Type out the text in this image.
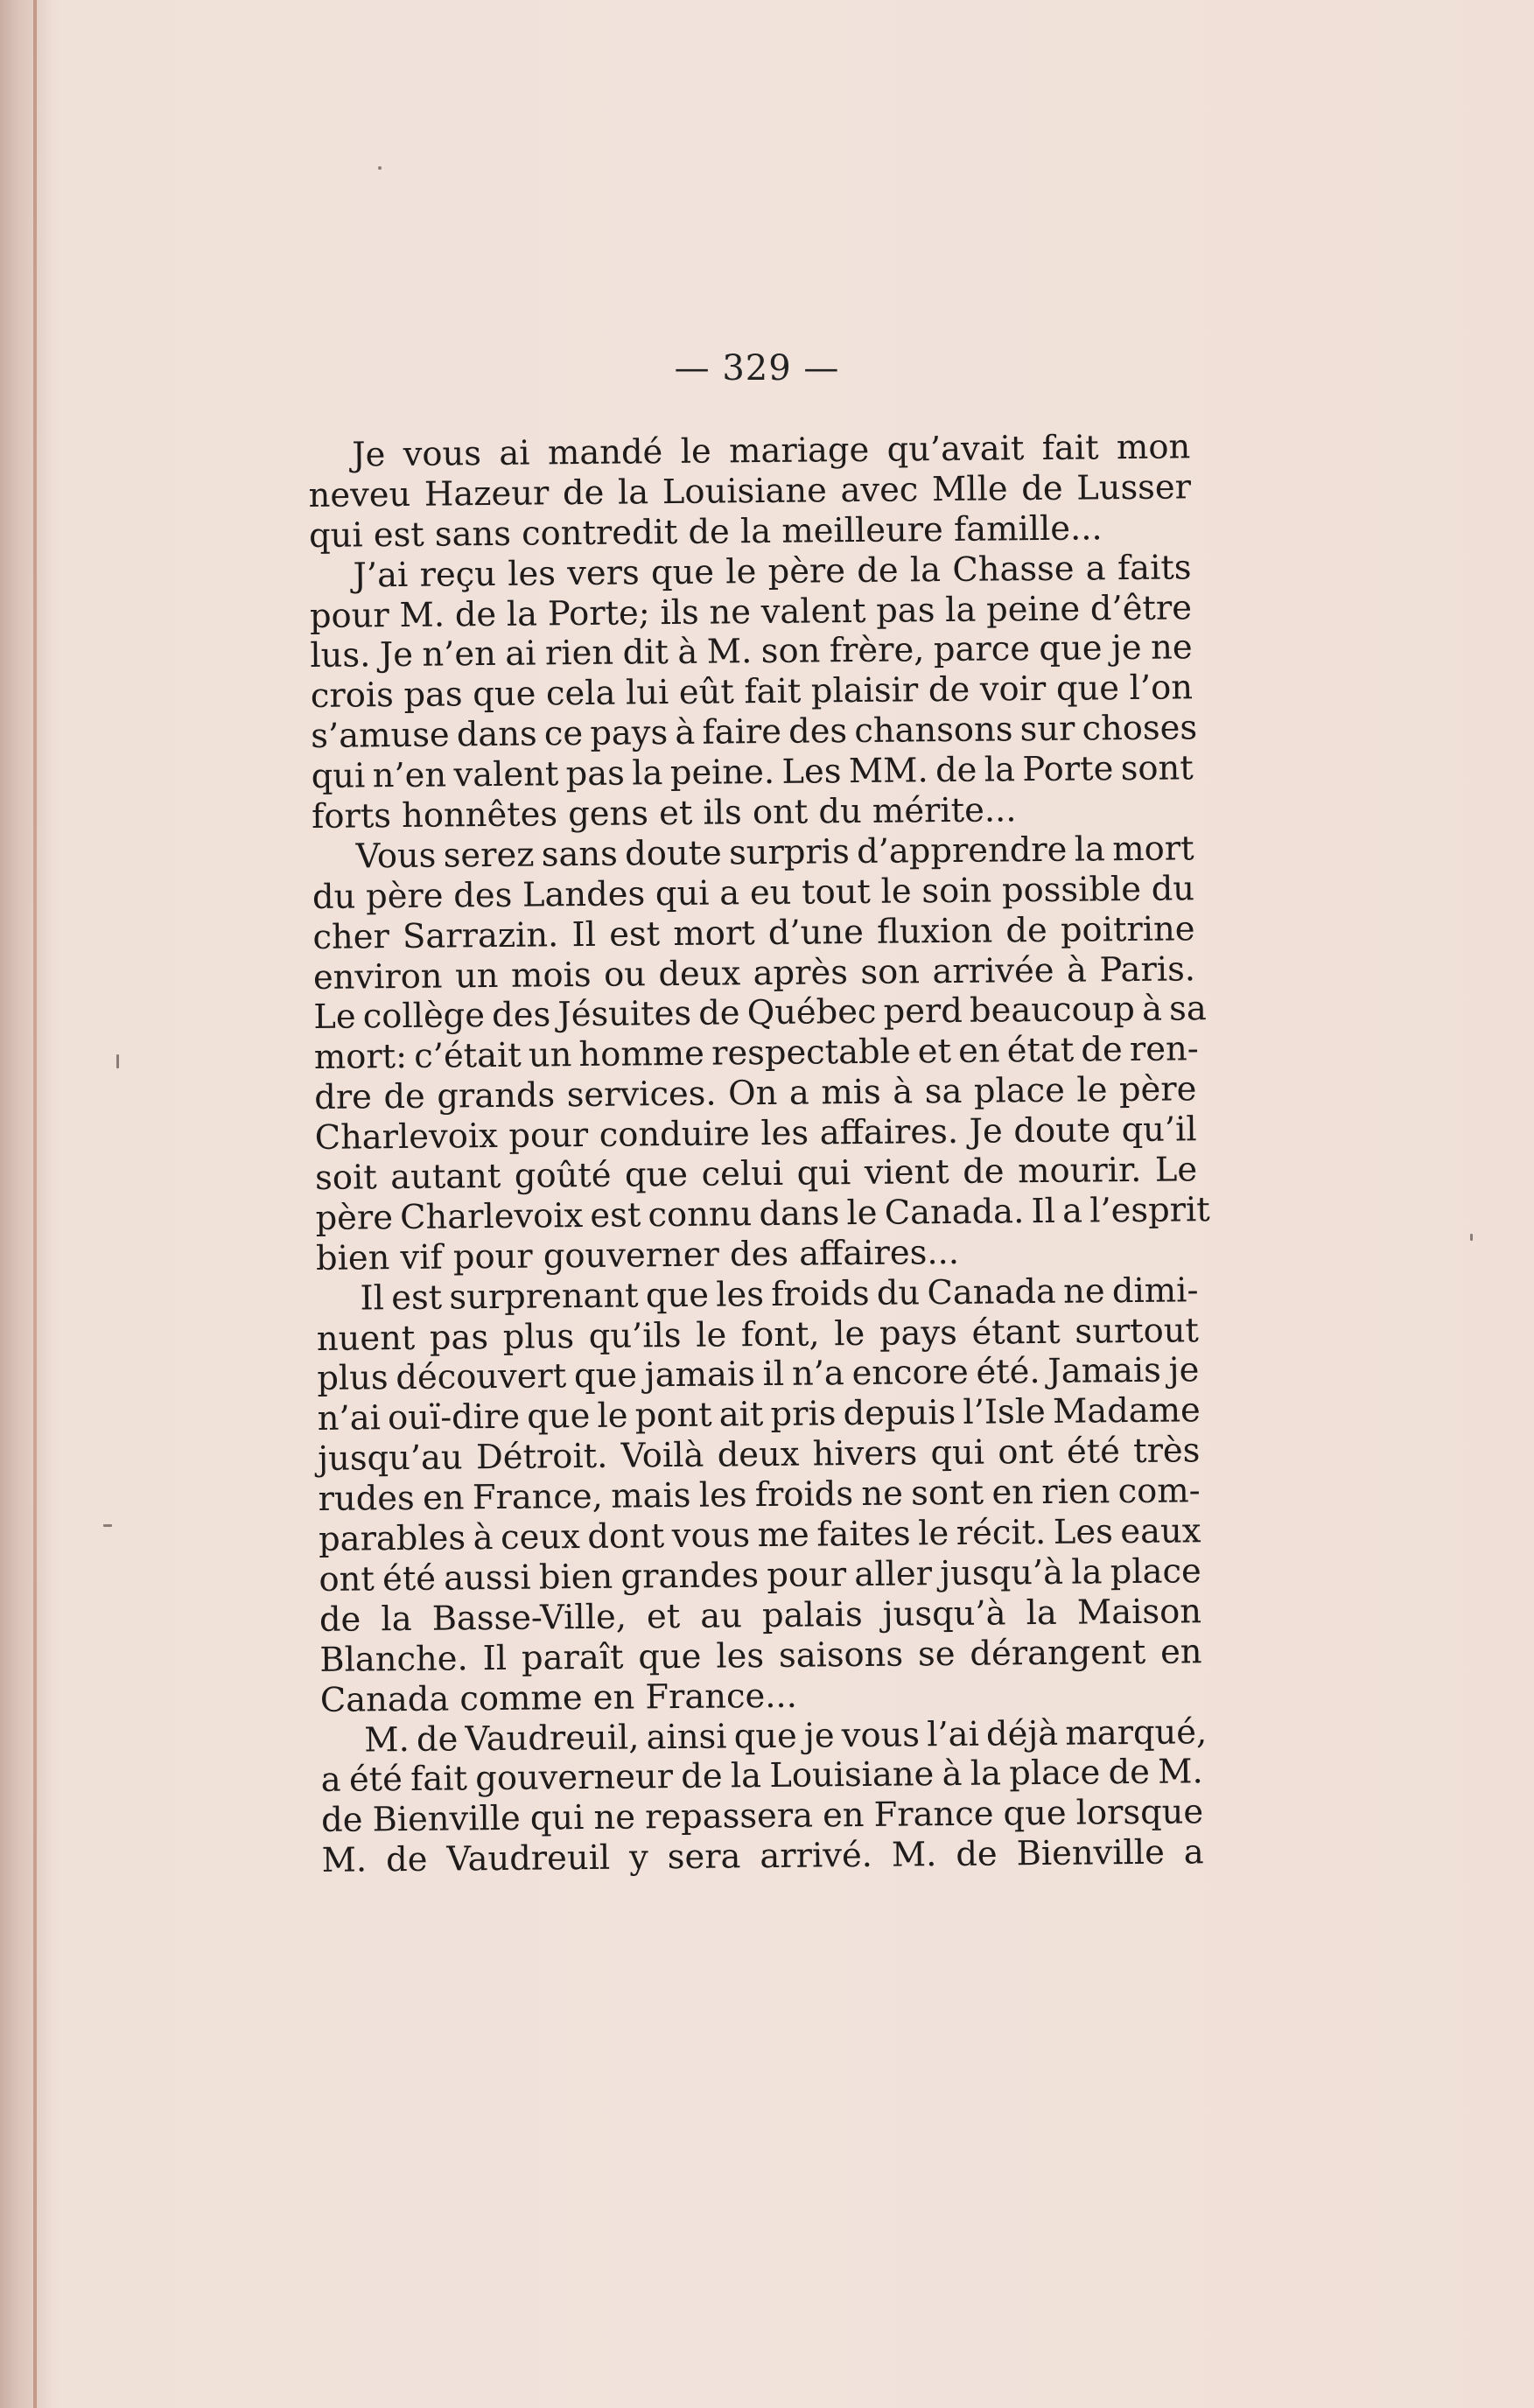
— 329 —

Je vous ai mandé le mariage qu’avait fait mon
neveu Hazeur de la Louisiane avec Mlle de Lusser
qui est sans contredit de la meilleure famille...

J’ai reçu les vers que le père de la Chasse a faits
pour M. de la Porte; ils ne valent pas la peine d’être
lus. Je n’en ai rien dit à M. son frère, parce que je ne
crois pas que cela lui eût fait plaisir de voir que l’on
s’amuse dans ce pays à faire des chansons sur choses
qui n’en valent pas la peine. Les MM. de la Porte sont
forts honnêtes gens et ils ont du mérite...

Vous serez sans doute surpris d’apprendre la mort
du père des Landes qui a eu tout le soin possible du
cher Sarrazin. Il est mort d’une fluxion de poitrine
environ un mois ou deux après son arrivée à Paris.
Le collège des Jésuites de Québec perd beaucoup à sa
mort: c’était un homme respectable et en état de ren-
dre de grands services. On a mis à sa place le père
Charlevoix pour conduire les affaires. Je doute qu’il
soit autant goûté que celui qui vient de mourir. Le
père Charlevoix est connu dans le Canada. Il a l’esprit
bien vif pour gouverner des affaires...

Il est surprenant que les froids du Canada ne dimi-
nuent pas plus qu’ils le font, le pays étant surtout
plus découvert que jamais il n’a encore été. Jamais je
n’ai ouï-dire que le pont ait pris depuis l’Isle Madame
jusqu’au Détroit. Voilà deux hivers qui ont été très
rudes en France, mais les froids ne sont en rien com-
parables à ceux dont vous me faites le récit. Les eaux
ont été aussi bien grandes pour aller jusqu’à la place
de la Basse-Ville, et au palais jusqu’à la Maison
Blanche. Il paraît que les saisons se dérangent en
Canada comme en France...

M. de Vaudreuil, ainsi que je vous l’ai déjà marqué,
a été fait gouverneur de la Louisiane à la place de M.
de Bienville qui ne repassera en France que lorsque
M. de Vaudreuil y sera arrivé. M. de Bienville a
